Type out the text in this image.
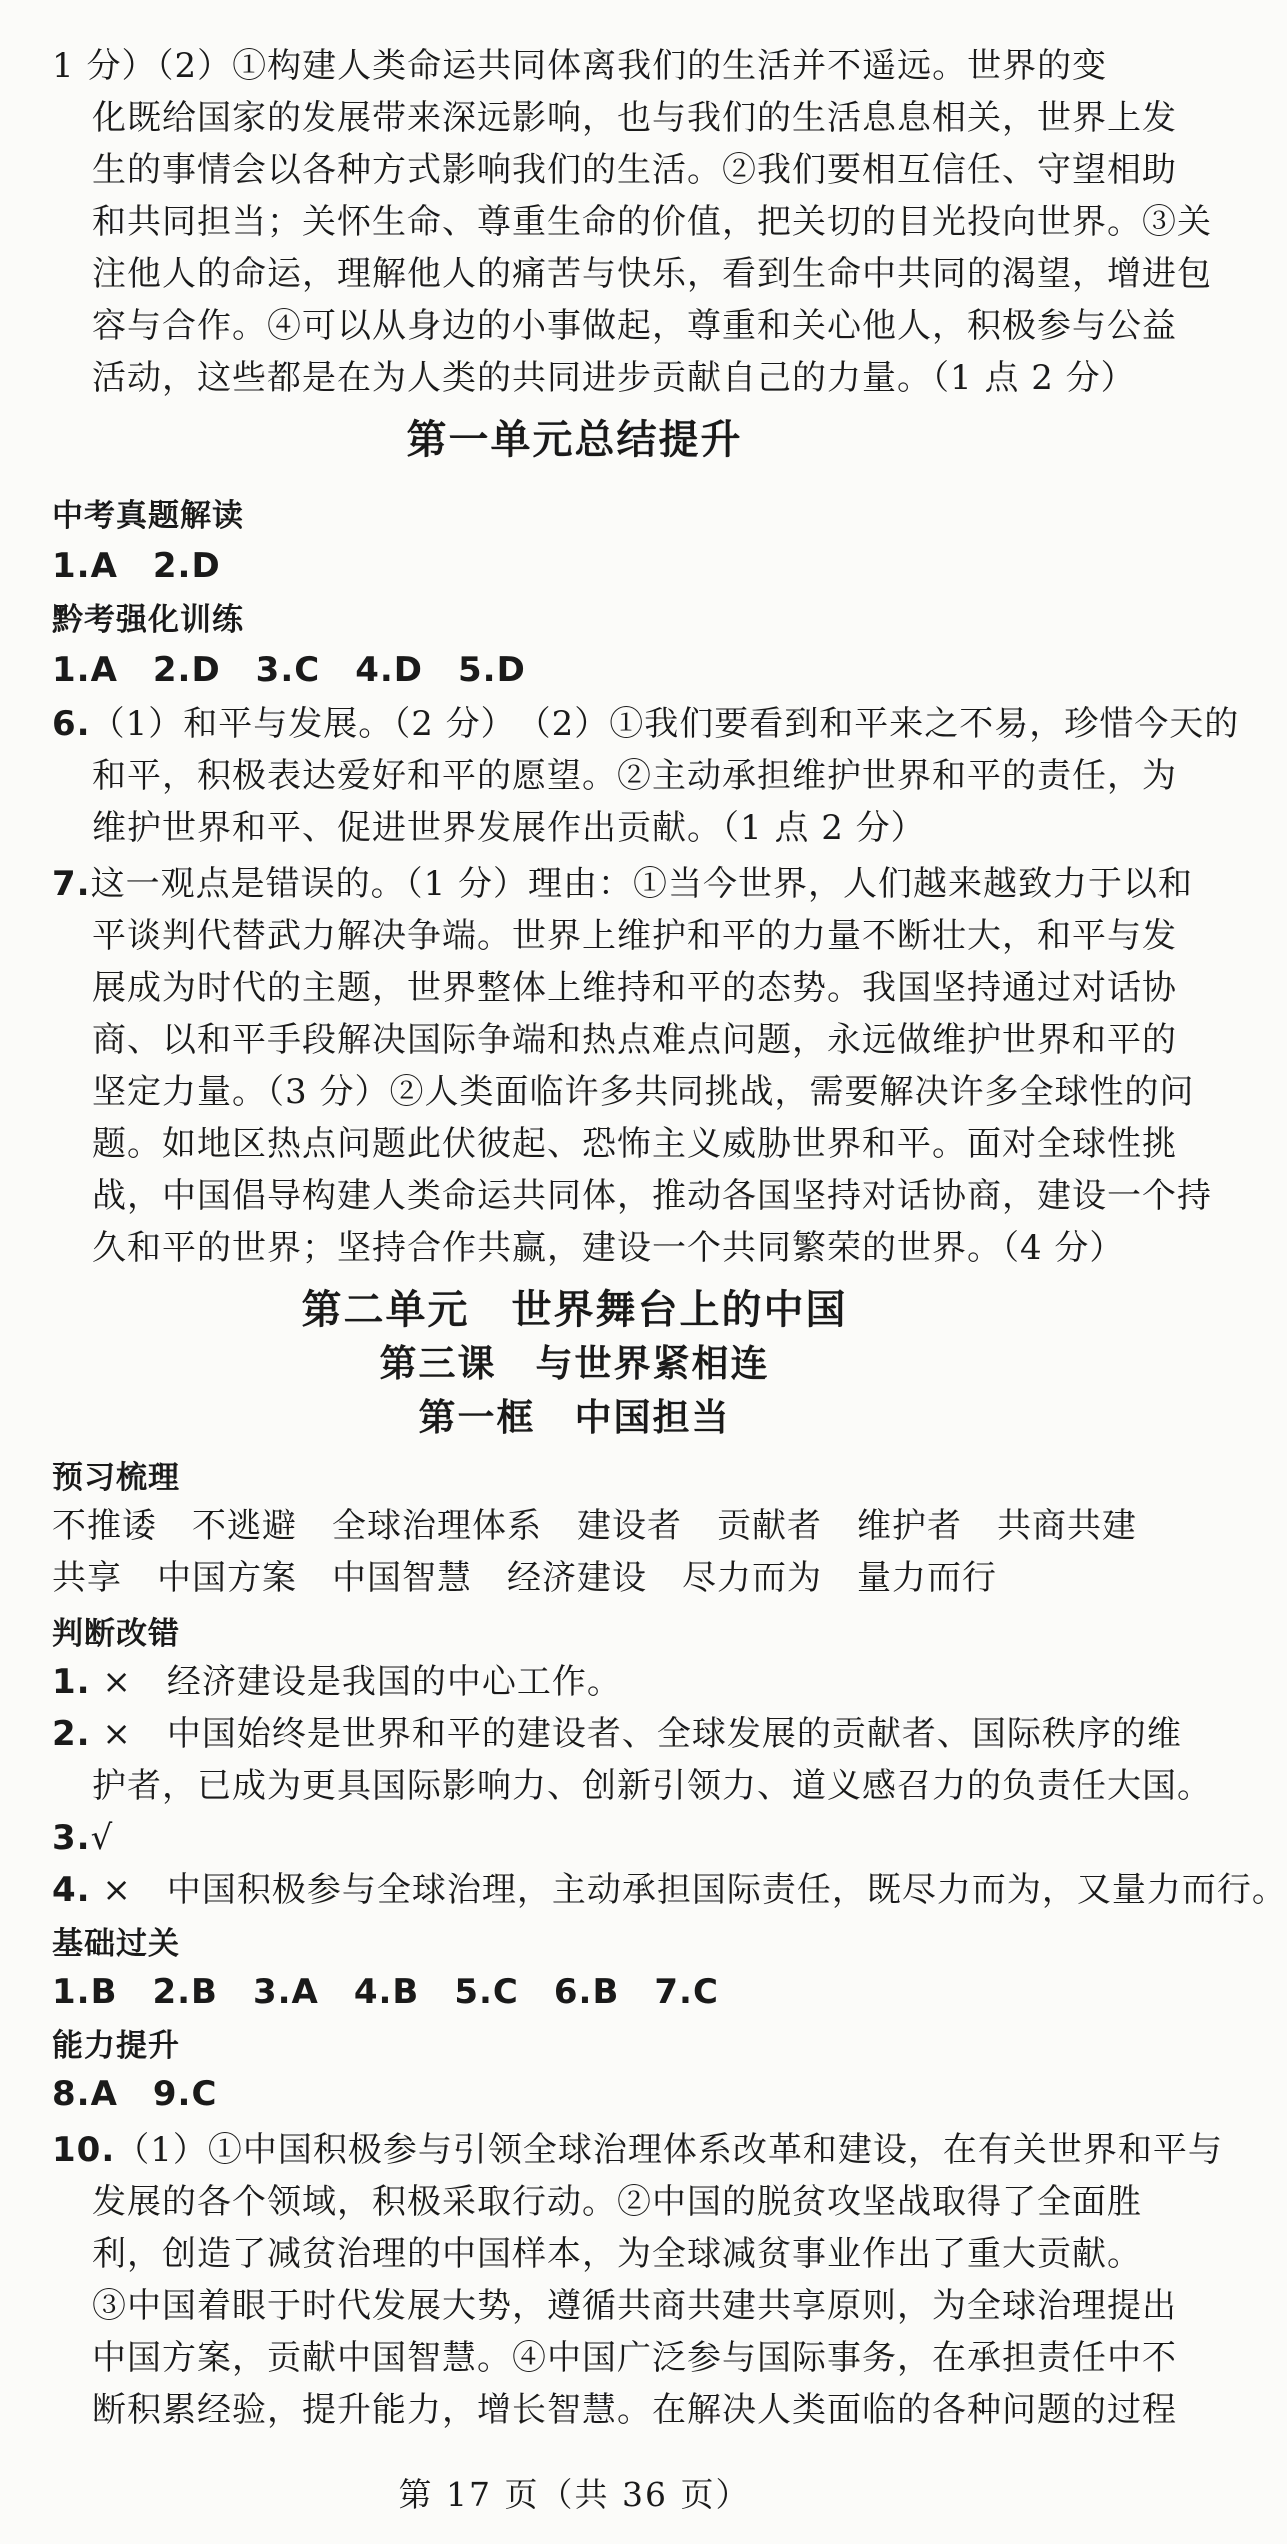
1 分）（2）①构建人类命运共同体离我们的生活并不遥远。世界的变
化既给国家的发展带来深远影响，也与我们的生活息息相关，世界上发
生的事情会以各种方式影响我们的生活。②我们要相互信任、守望相助
和共同担当；关怀生命、尊重生命的价值，把关切的目光投向世界。③关
注他人的命运，理解他人的痛苦与快乐，看到生命中共同的渴望，增进包
容与合作。④可以从身边的小事做起，尊重和关心他人，积极参与公益
活动，这些都是在为人类的共同进步贡献自己的力量。（1 点 2 分）
第一单元总结提升
中考真题解读
1.A　2.D
黔考强化训练
1.A　2.D　3.C　4.D　5.D
6.（1）和平与发展。（2 分）　（2）①我们要看到和平来之不易，珍惜今天的
和平，积极表达爱好和平的愿望。②主动承担维护世界和平的责任，为
维护世界和平、促进世界发展作出贡献。（1 点 2 分）
7.这一观点是错误的。（1 分）理由：①当今世界，人们越来越致力于以和
平谈判代替武力解决争端。世界上维护和平的力量不断壮大，和平与发
展成为时代的主题，世界整体上维持和平的态势。我国坚持通过对话协
商、以和平手段解决国际争端和热点难点问题，永远做维护世界和平的
坚定力量。（3 分）②人类面临许多共同挑战，需要解决许多全球性的问
题。如地区热点问题此伏彼起、恐怖主义威胁世界和平。面对全球性挑
战，中国倡导构建人类命运共同体，推动各国坚持对话协商，建设一个持
久和平的世界；坚持合作共赢，建设一个共同繁荣的世界。（4 分）
第二单元　世界舞台上的中国
第三课　与世界紧相连
第一框　中国担当
预习梳理
不推诿　不逃避　全球治理体系　建设者　贡献者　维护者　共商共建
共享　中国方案　中国智慧　经济建设　尽力而为　量力而行
判断改错
1. ×　经济建设是我国的中心工作。
2. ×　中国始终是世界和平的建设者、全球发展的贡献者、国际秩序的维
护者，已成为更具国际影响力、创新引领力、道义感召力的负责任大国。
3.√
4. ×　中国积极参与全球治理，主动承担国际责任，既尽力而为，又量力而行。
基础过关
1.B　2.B　3.A　4.B　5.C　6.B　7.C
能力提升
8.A　9.C
10.（1）①中国积极参与引领全球治理体系改革和建设，在有关世界和平与
发展的各个领域，积极采取行动。②中国的脱贫攻坚战取得了全面胜
利，创造了减贫治理的中国样本，为全球减贫事业作出了重大贡献。
③中国着眼于时代发展大势，遵循共商共建共享原则，为全球治理提出
中国方案，贡献中国智慧。④中国广泛参与国际事务，在承担责任中不
断积累经验，提升能力，增长智慧。在解决人类面临的各种问题的过程
第 17 页（共 36 页）
